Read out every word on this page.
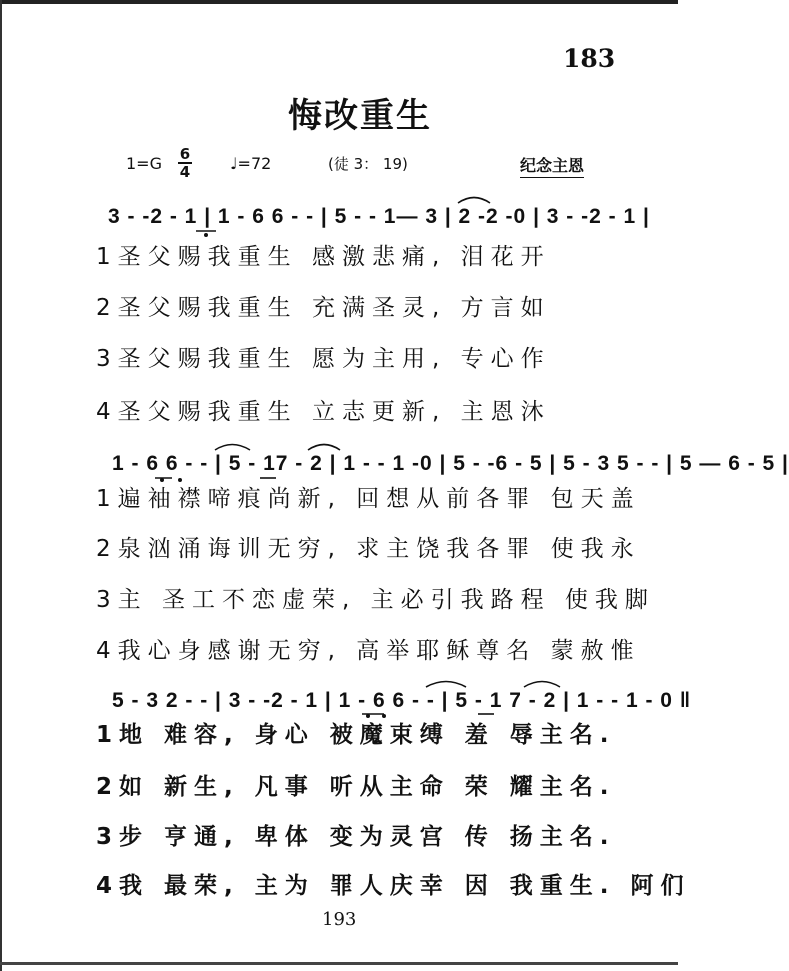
183
悔改重生
$1=G \frac{6}{4}$ ♩=72	(徒 3： 19)	纪念主恩
3 - -2 - 1 | 1 - 6 6 - - | 5 - - 1— 3 | 2 -2 -0 | 3 - -2 - 1 |
1圣父赐我重生 感激悲痛, 泪花开
2圣父赐我重生 充满圣灵, 方言如
3圣父赐我重生 愿为主用, 专心作
4圣父赐我重生 立志更新, 主恩沐
1 - 6 6 - - | 5 - 17 - 2 | 1 - - 1 -0 | 5 - -6 - 5 | 5 - 3 5 - - | 5 — 6 - 5 |
1遍袖襟啼痕尚新, 回想从前各罪 包天盖
2泉汹涌诲训无穷, 求主饶我各罪 使我永
3主 圣工不恋虚荣, 主必引我路程 使我脚
4我心身感谢无穷, 高举耶稣尊名 蒙赦惟
5 - 3 2 - - | 3 - -2 - 1 | 1 - 6 6 - - | 5 - 1 7 - 2 | 1 - - 1 - 0 ‖
1地 难容, 身心 被魔束缚 羞 辱主名.
2如 新生, 凡事 听从主命 荣 耀主名.
3步 亨通, 卑体 变为灵宫 传 扬主名.
4我 最荣, 主为 罪人庆幸 因 我重生. 阿们
193
